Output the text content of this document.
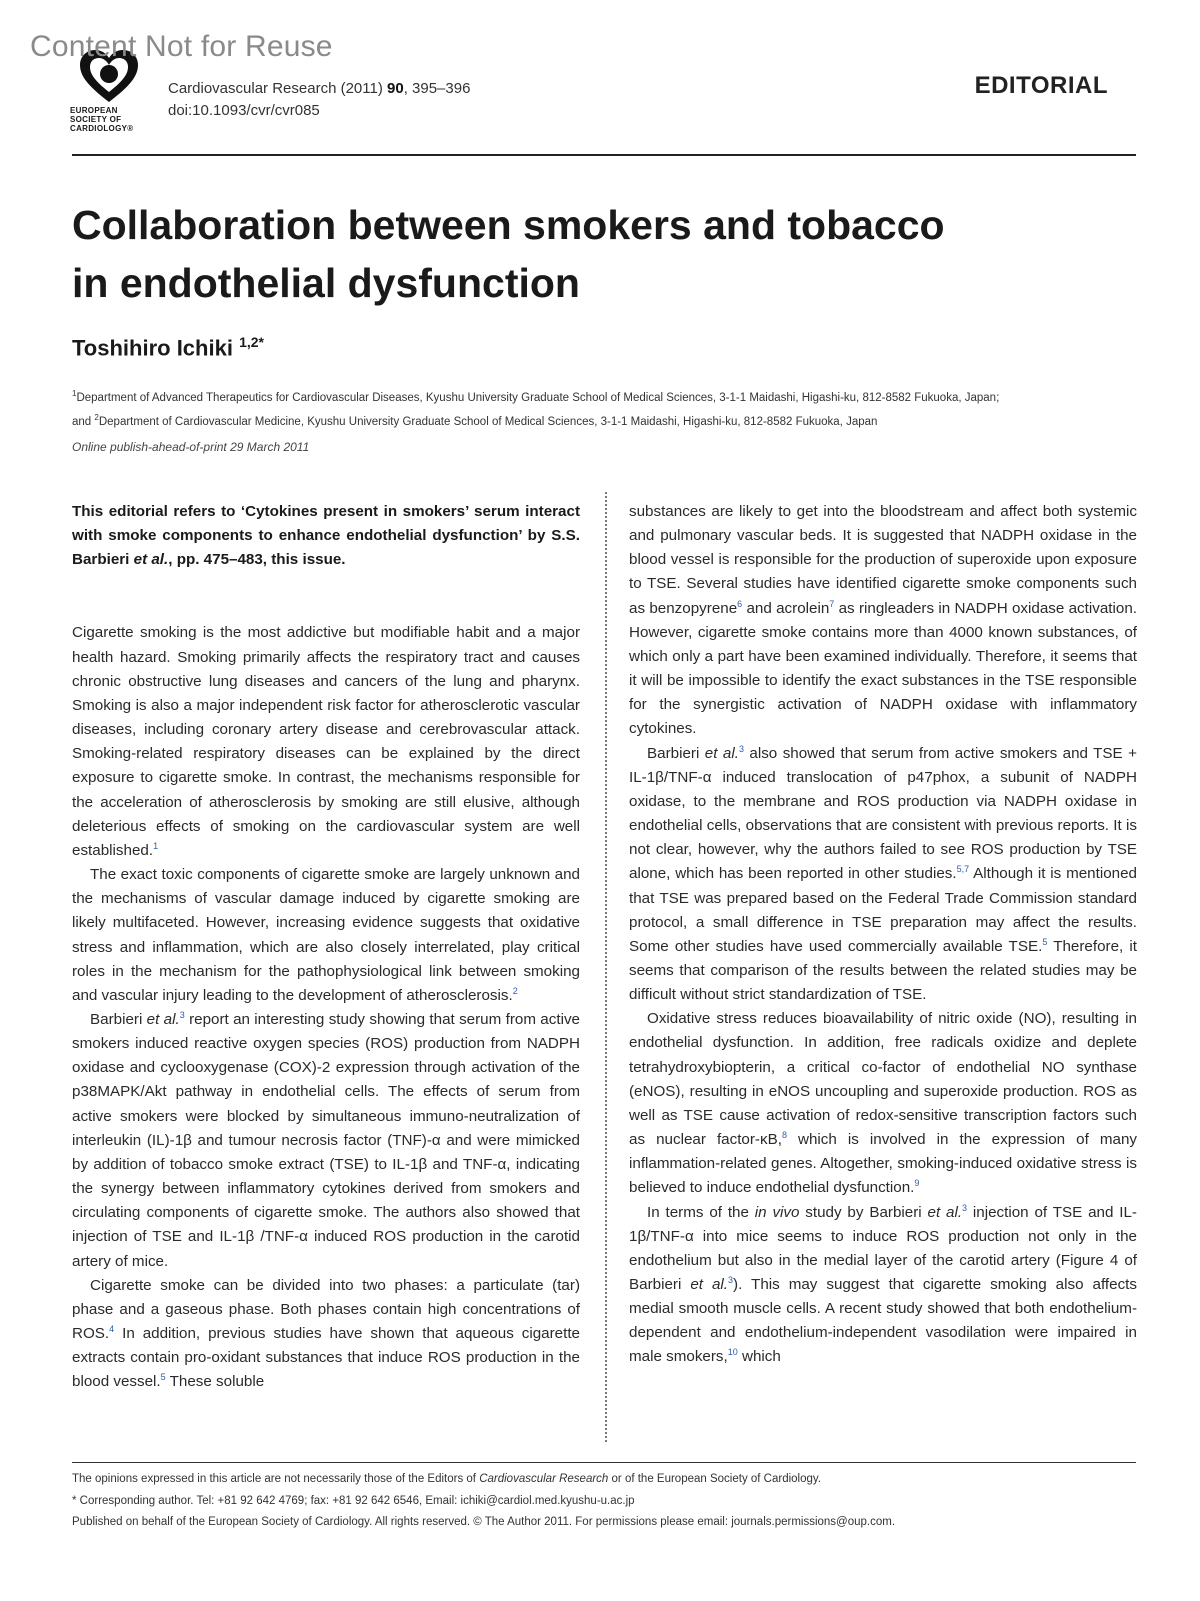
Content Not for Reuse
EUROPEAN SOCIETY OF CARDIOLOGY®
Cardiovascular Research (2011) 90, 395–396
doi:10.1093/cvr/cvr085
EDITORIAL
Collaboration between smokers and tobacco
in endothelial dysfunction
Toshihiro Ichiki $^{1,2*}$
$^1$Department of Advanced Therapeutics for Cardiovascular Diseases, Kyushu University Graduate School of Medical Sciences, 3-1-1 Maidashi, Higashi-ku, 812-8582 Fukuoka, Japan;
and $^2$Department of Cardiovascular Medicine, Kyushu University Graduate School of Medical Sciences, 3-1-1 Maidashi, Higashi-ku, 812-8582 Fukuoka, Japan
Online publish-ahead-of-print 29 March 2011

This editorial refers to ‘Cytokines present in smokers’ serum interact with smoke components to enhance endothelial dysfunction’ by S.S. Barbieri et al., pp. 475–483, this issue.

Cigarette smoking is the most addictive but modifiable habit and a major health hazard. Smoking primarily affects the respiratory tract and causes chronic obstructive lung diseases and cancers of the lung and pharynx. Smoking is also a major independent risk factor for atherosclerotic vascular diseases, including coronary artery disease and cerebrovascular attack. Smoking-related respiratory diseases can be explained by the direct exposure to cigarette smoke. In contrast, the mechanisms responsible for the acceleration of atherosclerosis by smoking are still elusive, although deleterious effects of smoking on the cardiovascular system are well established.$^1$

The exact toxic components of cigarette smoke are largely unknown and the mechanisms of vascular damage induced by cigarette smoking are likely multifaceted. However, increasing evidence suggests that oxidative stress and inflammation, which are also closely interrelated, play critical roles in the mechanism for the pathophysiological link between smoking and vascular injury leading to the development of atherosclerosis.$^2$

Barbieri et al.$^3$ report an interesting study showing that serum from active smokers induced reactive oxygen species (ROS) production from NADPH oxidase and cyclooxygenase (COX)-2 expression through activation of the p38MAPK/Akt pathway in endothelial cells. The effects of serum from active smokers were blocked by simultaneous immuno-neutralization of interleukin (IL)-1β and tumour necrosis factor (TNF)-α and were mimicked by addition of tobacco smoke extract (TSE) to IL-1β and TNF-α, indicating the synergy between inflammatory cytokines derived from smokers and circulating components of cigarette smoke. The authors also showed that injection of TSE and IL-1β /TNF-α induced ROS production in the carotid artery of mice.

Cigarette smoke can be divided into two phases: a particulate (tar) phase and a gaseous phase. Both phases contain high concentrations of ROS.$^4$ In addition, previous studies have shown that aqueous cigarette extracts contain pro-oxidant substances that induce ROS production in the blood vessel.$^5$ These soluble

substances are likely to get into the bloodstream and affect both systemic and pulmonary vascular beds. It is suggested that NADPH oxidase in the blood vessel is responsible for the production of superoxide upon exposure to TSE. Several studies have identified cigarette smoke components such as benzopyrene$^6$ and acrolein$^7$ as ringleaders in NADPH oxidase activation. However, cigarette smoke contains more than 4000 known substances, of which only a part have been examined individually. Therefore, it seems that it will be impossible to identify the exact substances in the TSE responsible for the synergistic activation of NADPH oxidase with inflammatory cytokines.

Barbieri et al.$^3$ also showed that serum from active smokers and TSE + IL-1β/TNF-α induced translocation of p47phox, a subunit of NADPH oxidase, to the membrane and ROS production via NADPH oxidase in endothelial cells, observations that are consistent with previous reports. It is not clear, however, why the authors failed to see ROS production by TSE alone, which has been reported in other studies.$^{5,7}$ Although it is mentioned that TSE was prepared based on the Federal Trade Commission standard protocol, a small difference in TSE preparation may affect the results. Some other studies have used commercially available TSE.$^5$ Therefore, it seems that comparison of the results between the related studies may be difficult without strict standardization of TSE.

Oxidative stress reduces bioavailability of nitric oxide (NO), resulting in endothelial dysfunction. In addition, free radicals oxidize and deplete tetrahydroxybiopterin, a critical co-factor of endothelial NO synthase (eNOS), resulting in eNOS uncoupling and superoxide production. ROS as well as TSE cause activation of redox-sensitive transcription factors such as nuclear factor-κB,$^8$ which is involved in the expression of many inflammation-related genes. Altogether, smoking-induced oxidative stress is believed to induce endothelial dysfunction.$^9$

In terms of the in vivo study by Barbieri et al.$^3$ injection of TSE and IL-1β/TNF-α into mice seems to induce ROS production not only in the endothelium but also in the medial layer of the carotid artery (Figure 4 of Barbieri et al.$^3$). This may suggest that cigarette smoking also affects medial smooth muscle cells. A recent study showed that both endothelium-dependent and endothelium-independent vasodilation were impaired in male smokers,$^{10}$ which

The opinions expressed in this article are not necessarily those of the Editors of Cardiovascular Research or of the European Society of Cardiology.

* Corresponding author. Tel: +81 92 642 4769; fax: +81 92 642 6546, Email: ichiki@cardiol.med.kyushu-u.ac.jp

Published on behalf of the European Society of Cardiology. All rights reserved. © The Author 2011. For permissions please email: journals.permissions@oup.com.
